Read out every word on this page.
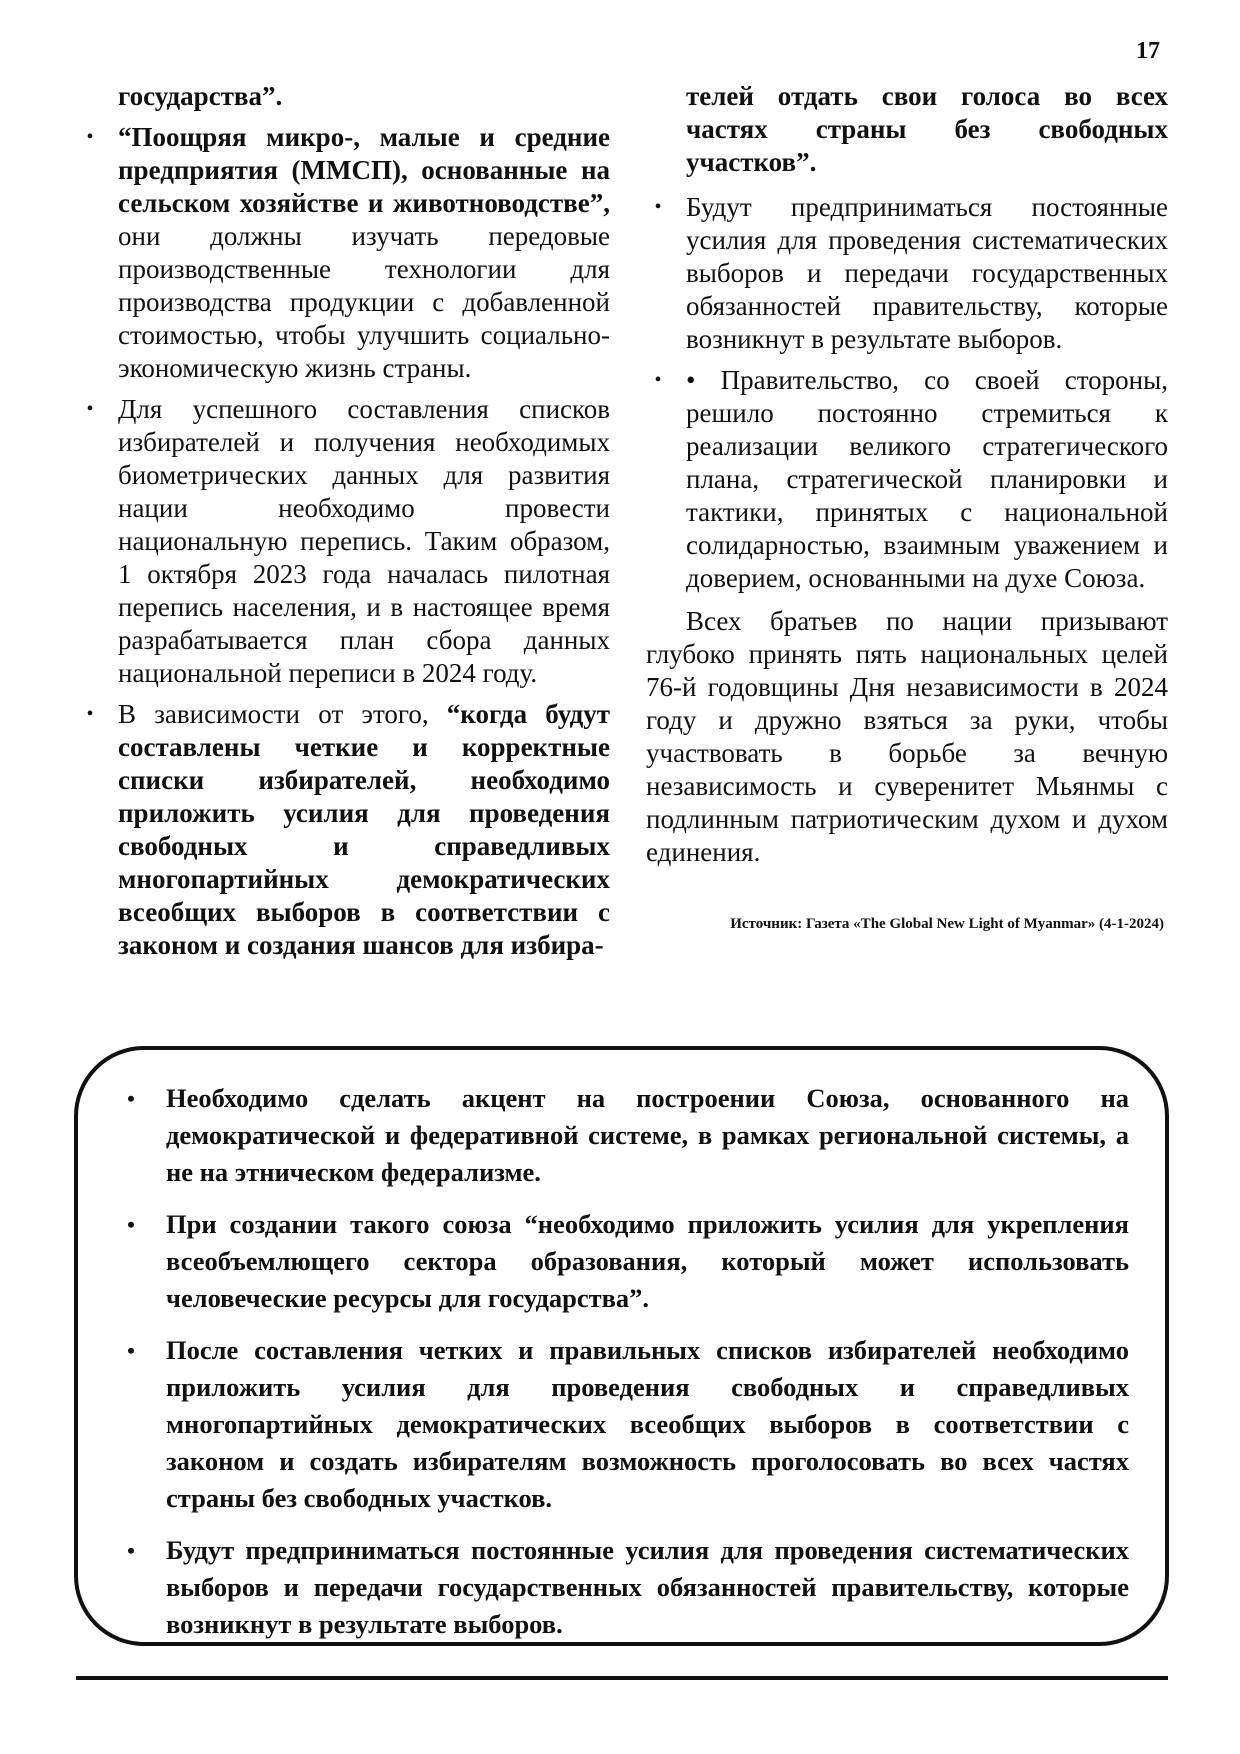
17
государства”.
• “Поощряя микро-, малые и средние предприятия (ММСП), основанные на сельском хозяйстве и животноводстве”, они должны изучать передовые производственные технологии для производства продукции с добавленной стоимостью, чтобы улучшить социально-экономическую жизнь страны.
• Для успешного составления списков избирателей и получения необходимых биометрических данных для развития нации необходимо провести национальную перепись. Таким образом, 1 октября 2023 года началась пилотная перепись населения, и в настоящее время разрабатывается план сбора данных национальной переписи в 2024 году.
• В зависимости от этого, “когда будут составлены четкие и корректные списки избирателей, необходимо приложить усилия для проведения свободных и справедливых многопартийных демократических всеобщих выборов в соответствии с законом и создания шансов для избира-

телей отдать свои голоса во всех частях страны без свободных участков”.

• Будут предприниматься постоянные усилия для проведения систематических выборов и передачи государственных обязанностей правительству, которые возникнут в результате выборов.
• • Правительство, со своей стороны, решило постоянно стремиться к реализации великого стратегического плана, стратегической планировки и тактики, принятых с национальной солидарностью, взаимным уважением и доверием, основанными на духе Союза.

Всех братьев по нации призывают глубоко принять пять национальных целей 76-й годовщины Дня независимости в 2024 году и дружно взяться за руки, чтобы участвовать в борьбе за вечную независимость и суверенитет Мьянмы с подлинным патриотическим духом и духом единения.

Источник: Газета «The Global New Light of Myanmar» (4-1-2024)
•	Необходимо сделать акцент на построении Союза, основанного на демократической и федеративной системе, в рамках региональной системы, а не на этническом федерализме.
•	При создании такого союза “необходимо приложить усилия для укрепления всеобъемлющего сектора образования, который может использовать человеческие ресурсы для государства”.
•	После составления четких и правильных списков избирателей необходимо приложить усилия для проведения свободных и справедливых многопартийных демократических всеобщих выборов в соответствии с законом и создать избирателям возможность проголосовать во всех частях страны без свободных участков.
•	Будут предприниматься постоянные усилия для проведения систематических выборов и передачи государственных обязанностей правительству, которые возникнут в результате выборов.
